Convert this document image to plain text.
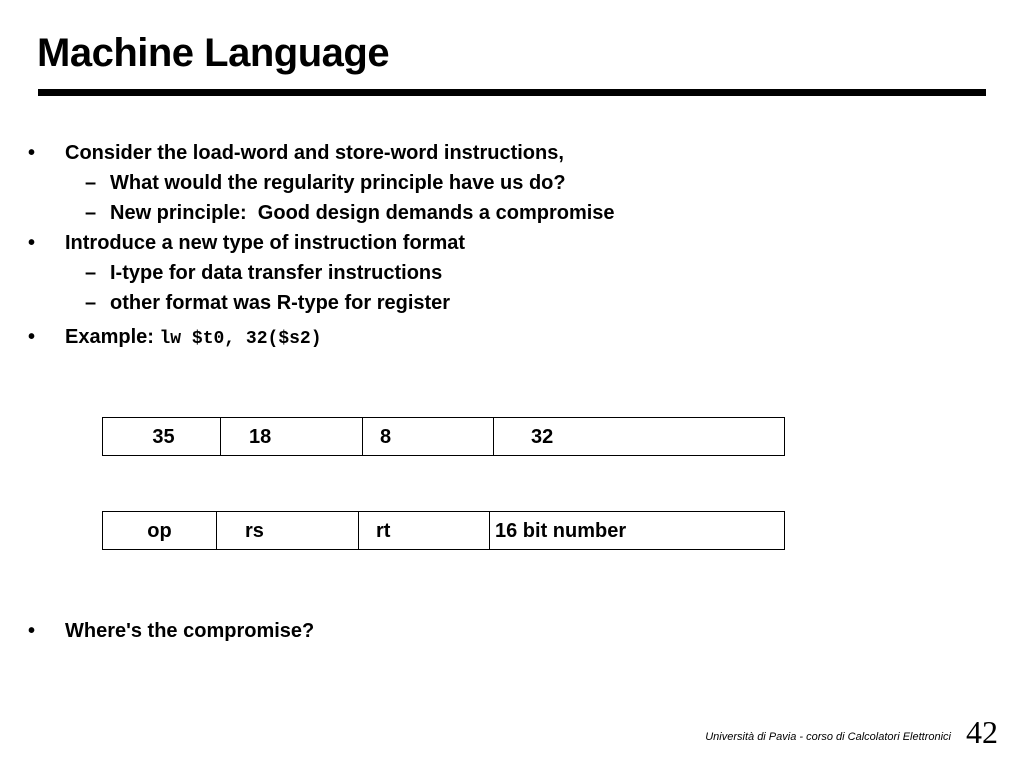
Machine Language
• Consider the load-word and store-word instructions,
– What would the regularity principle have us do?
– New principle:  Good design demands a compromise
• Introduce a new type of instruction format
– I-type for data transfer instructions
– other format was R-type for register
• Example: lw $t0, 32($s2)
• Where's the compromise?
35	18	8	32
op	rs	rt	16 bit number
Università di Pavia - corso di Calcolatori Elettronici 42
